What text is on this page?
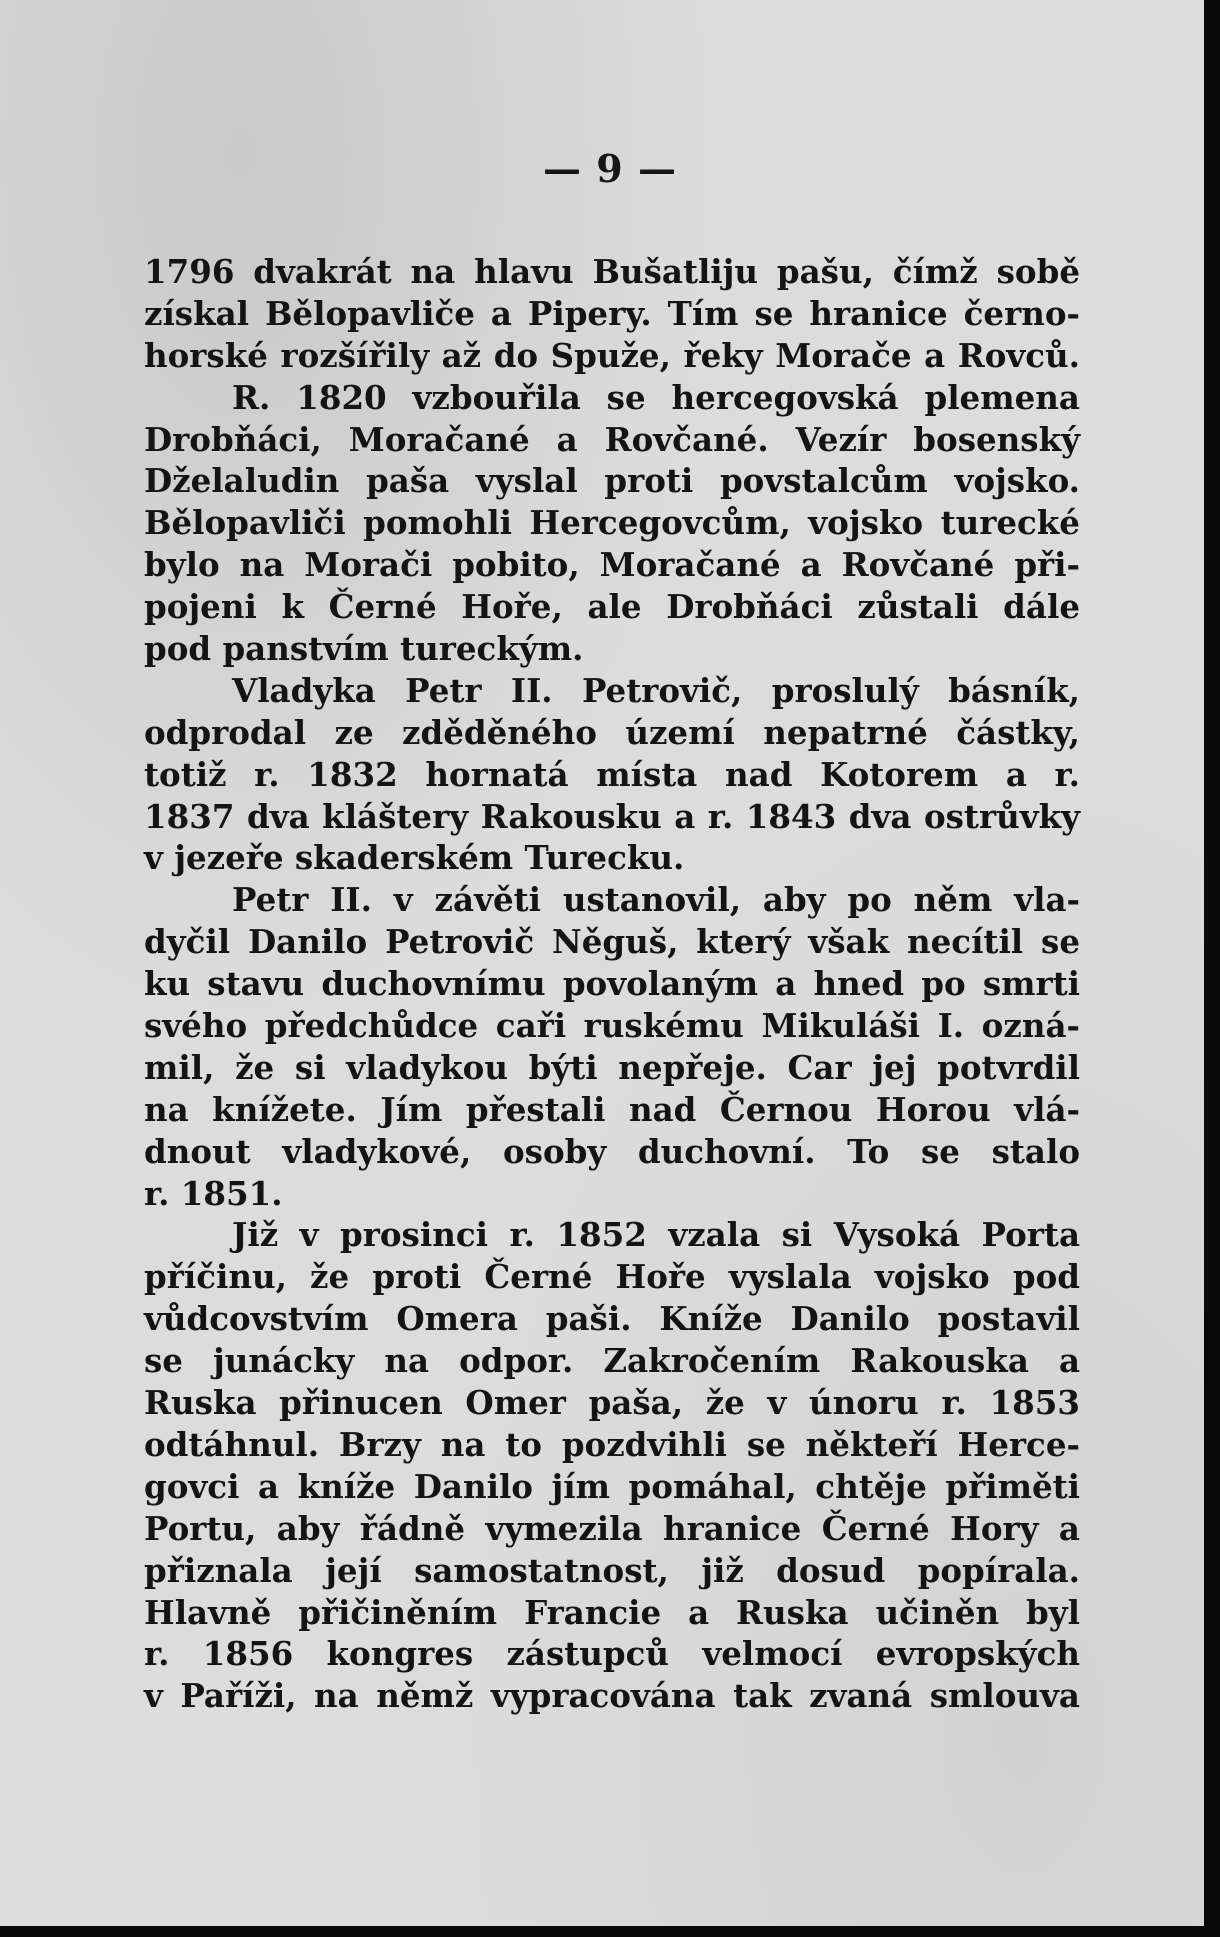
— 9 —
1796 dvakrát na hlavu Bušatliju pašu, čímž sobě
získal Bělopavliče a Pipery. Tím se hranice černo-
horské rozšířily až do Spuže, řeky Morače a Rovců.
R. 1820 vzbouřila se hercegovská plemena
Drobňáci, Moračané a Rovčané. Vezír bosenský
Dželaludin paša vyslal proti povstalcům vojsko.
Bělopavliči pomohli Hercegovcům, vojsko turecké
bylo na Morači pobito, Moračané a Rovčané při-
pojeni k Černé Hoře, ale Drobňáci zůstali dále
pod panstvím tureckým.
Vladyka Petr II. Petrovič, proslulý básník,
odprodal ze zděděného území nepatrné částky,
totiž r. 1832 hornatá místa nad Kotorem a r.
1837 dva kláštery Rakousku a r. 1843 dva ostrůvky
v jezeře skaderském Turecku.
Petr II. v závěti ustanovil, aby po něm vla-
dyčil Danilo Petrovič Něguš, který však necítil se
ku stavu duchovnímu povolaným a hned po smrti
svého předchůdce caři ruskému Mikuláši I. ozná-
mil, že si vladykou býti nepřeje. Car jej potvrdil
na knížete. Jím přestali nad Černou Horou vlá-
dnout vladykové, osoby duchovní. To se stalo
r. 1851.
Již v prosinci r. 1852 vzala si Vysoká Porta
příčinu, že proti Černé Hoře vyslala vojsko pod
vůdcovstvím Omera paši. Kníže Danilo postavil
se junácky na odpor. Zakročením Rakouska a
Ruska přinucen Omer paša, že v únoru r. 1853
odtáhnul. Brzy na to pozdvihli se někteří Herce-
govci a kníže Danilo jím pomáhal, chtěje přiměti
Portu, aby řádně vymezila hranice Černé Hory a
přiznala její samostatnost, již dosud popírala.
Hlavně přičiněním Francie a Ruska učiněn byl
r. 1856 kongres zástupců velmocí evropských
v Paříži, na němž vypracována tak zvaná smlouva
